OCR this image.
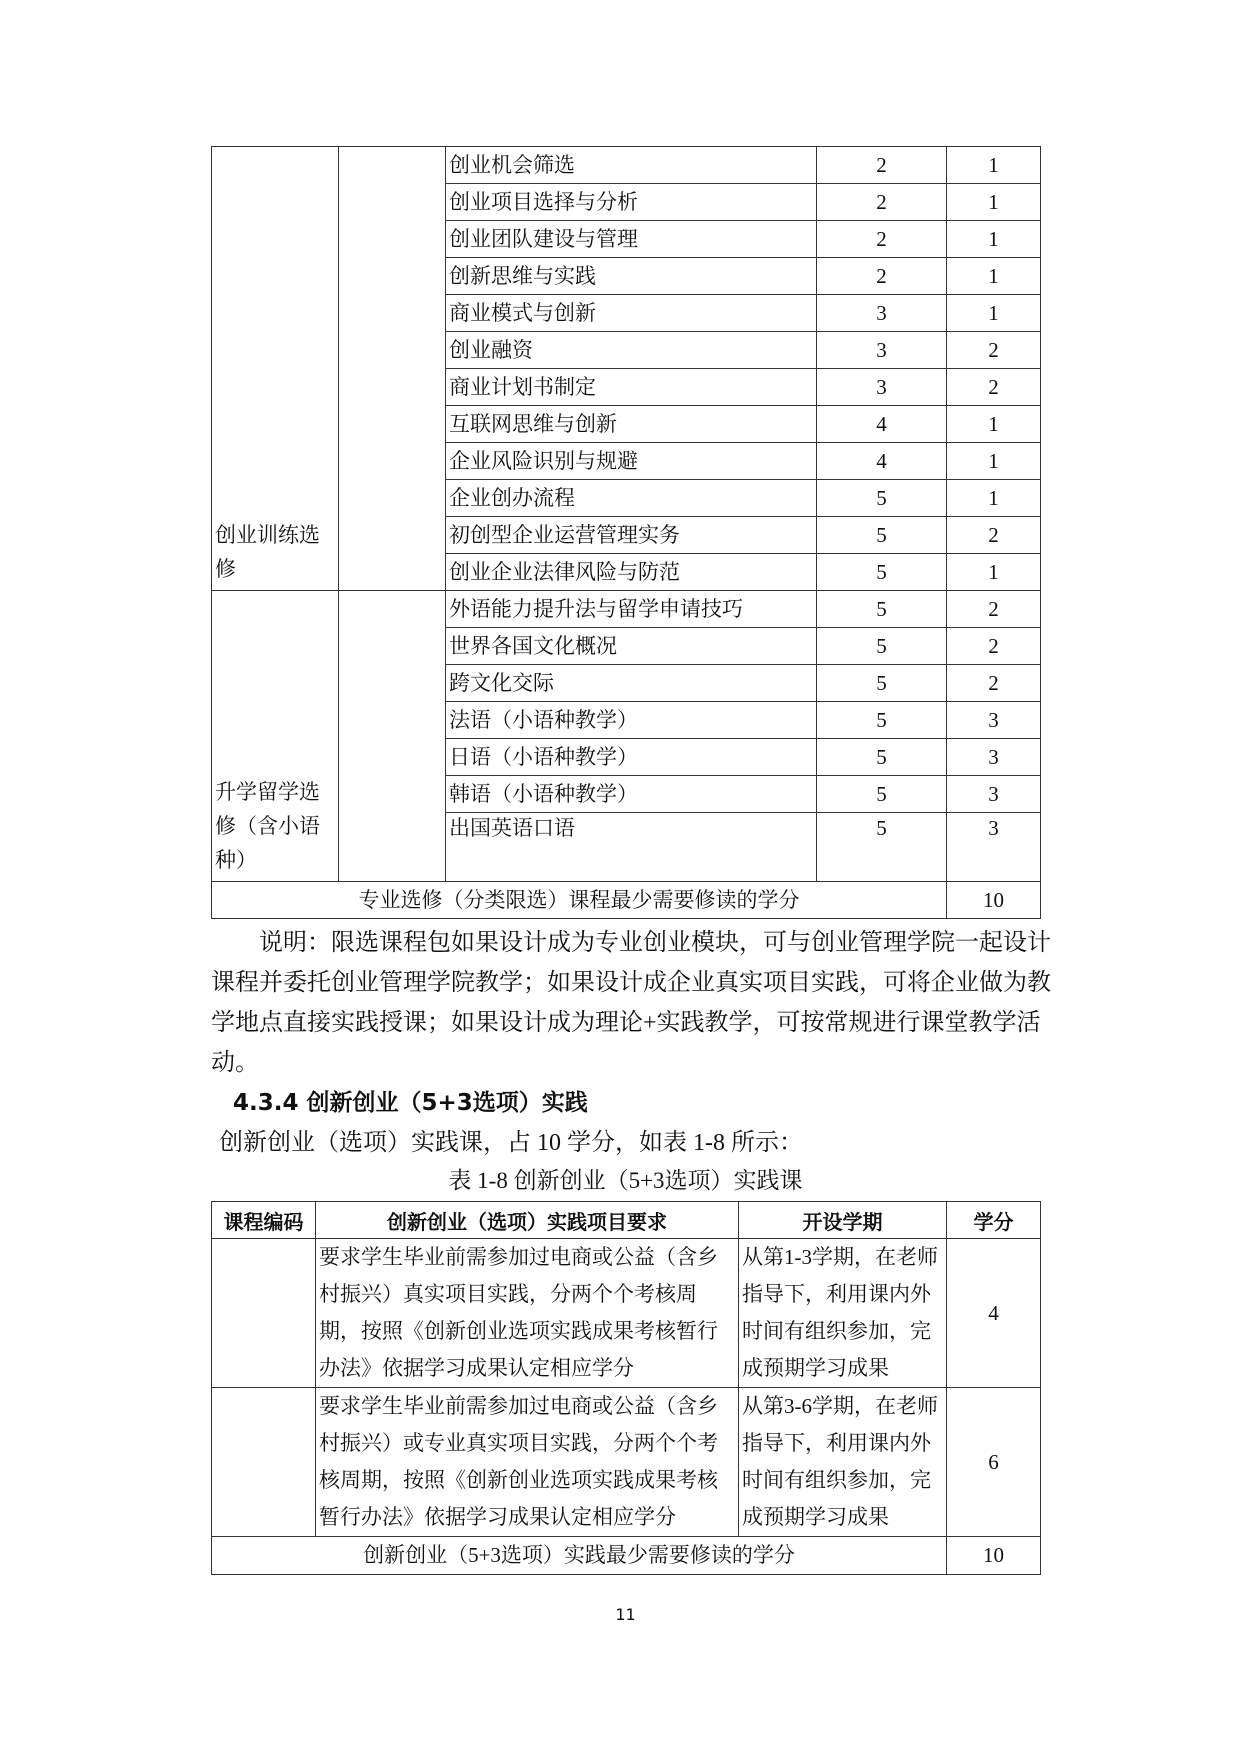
创业训练选修		创业机会筛选	2	1
		创业项目选择与分析	2	1
		创业团队建设与管理	2	1
		创新思维与实践	2	1
		商业模式与创新	3	1
		创业融资	3	2
		商业计划书制定	3	2
		互联网思维与创新	4	1
		企业风险识别与规避	4	1
		企业创办流程	5	1
		初创型企业运营管理实务	5	2
		创业企业法律风险与防范	5	1
升学留学选修（含小语种）		外语能力提升法与留学申请技巧	5	2
		世界各国文化概况	5	2
		跨文化交际	5	2
		法语（小语种教学）	5	3
		日语（小语种教学）	5	3
		韩语（小语种教学）	5	3
		出国英语口语	5	3
专业选修（分类限选）课程最少需要修读的学分				10
说明：限选课程包如果设计成为专业创业模块，可与创业管理学院一起设计课程并委托创业管理学院教学；如果设计成企业真实项目实践，可将企业做为教学地点直接实践授课；如果设计成为理论+实践教学，可按常规进行课堂教学活动。
4.3.4 创新创业（5+3选项）实践
创新创业（选项）实践课，占 10 学分，如表 1-8 所示：
表 1-8 创新创业（5+3选项）实践课
课程编码	创新创业（选项）实践项目要求	开设学期	学分
	要求学生毕业前需参加过电商或公益（含乡村振兴）真实项目实践，分两个个考核周期，按照《创新创业选项实践成果考核暂行办法》依据学习成果认定相应学分	从第1-3学期，在老师指导下，利用课内外时间有组织参加，完成预期学习成果	4
	要求学生毕业前需参加过电商或公益（含乡村振兴）或专业真实项目实践，分两个个考核周期，按照《创新创业选项实践成果考核暂行办法》依据学习成果认定相应学分	从第3-6学期，在老师指导下，利用课内外时间有组织参加，完成预期学习成果	6
创新创业（5+3选项）实践最少需要修读的学分			10
11
